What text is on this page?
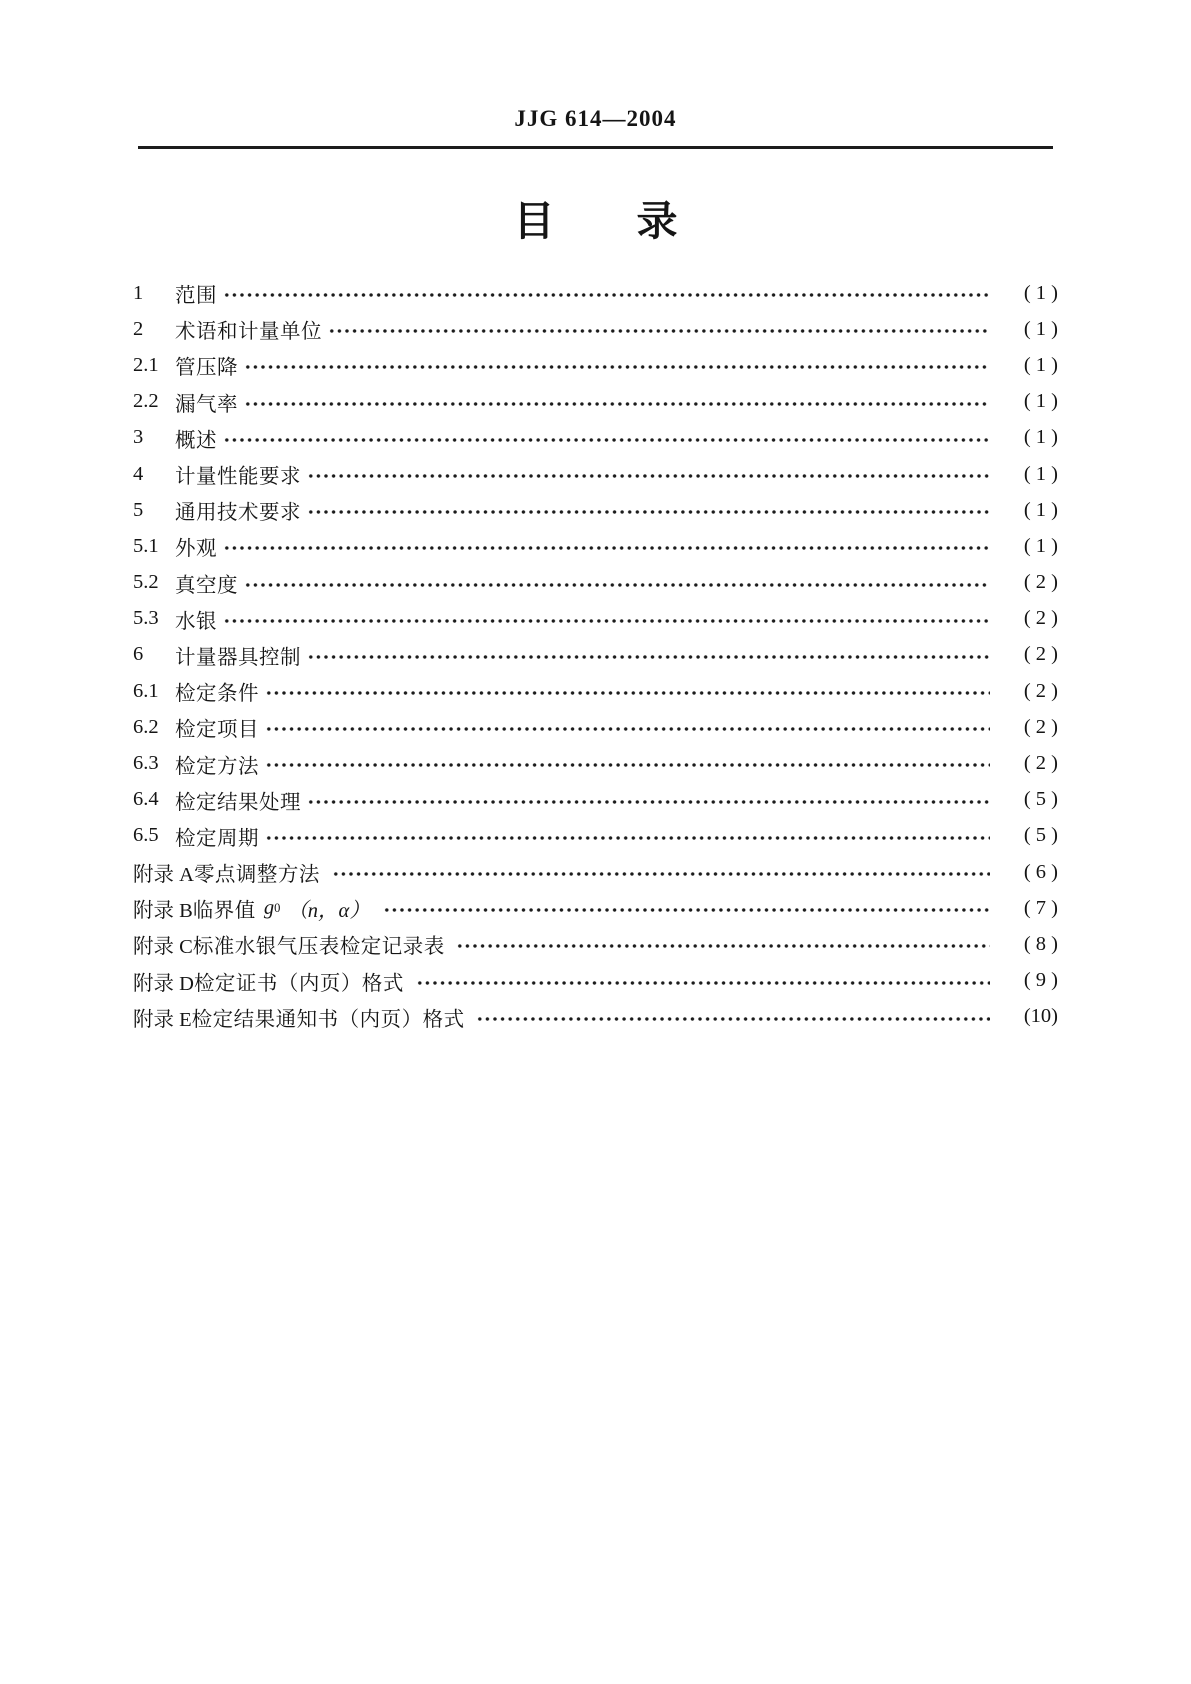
JJG 614—2004
目　　录
1	范围	( 1 )
2	术语和计量单位	( 1 )
2.1 管压降	( 1 )
2.2 漏气率	( 1 )
3	概述	( 1 )
4	计量性能要求	( 1 )
5	通用技术要求	( 1 )
5.1 外观	( 1 )
5.2 真空度	( 2 )
5.3 水银	( 2 )
6	计量器具控制	( 2 )
6.1 检定条件	( 2 )
6.2 检定项目	( 2 )
6.3 检定方法	( 2 )
6.4 检定结果处理	( 5 )
6.5 检定周期	( 5 )
附录 A 零点调整方法	( 6 )
附录 B 临界值 g 0 （n，α）	( 7 )
附录 C 标准水银气压表检定记录表	( 8 )
附录 D 检定证书（内页）格式	( 9 )
附录 E 检定结果通知书（内页）格式	(10)
